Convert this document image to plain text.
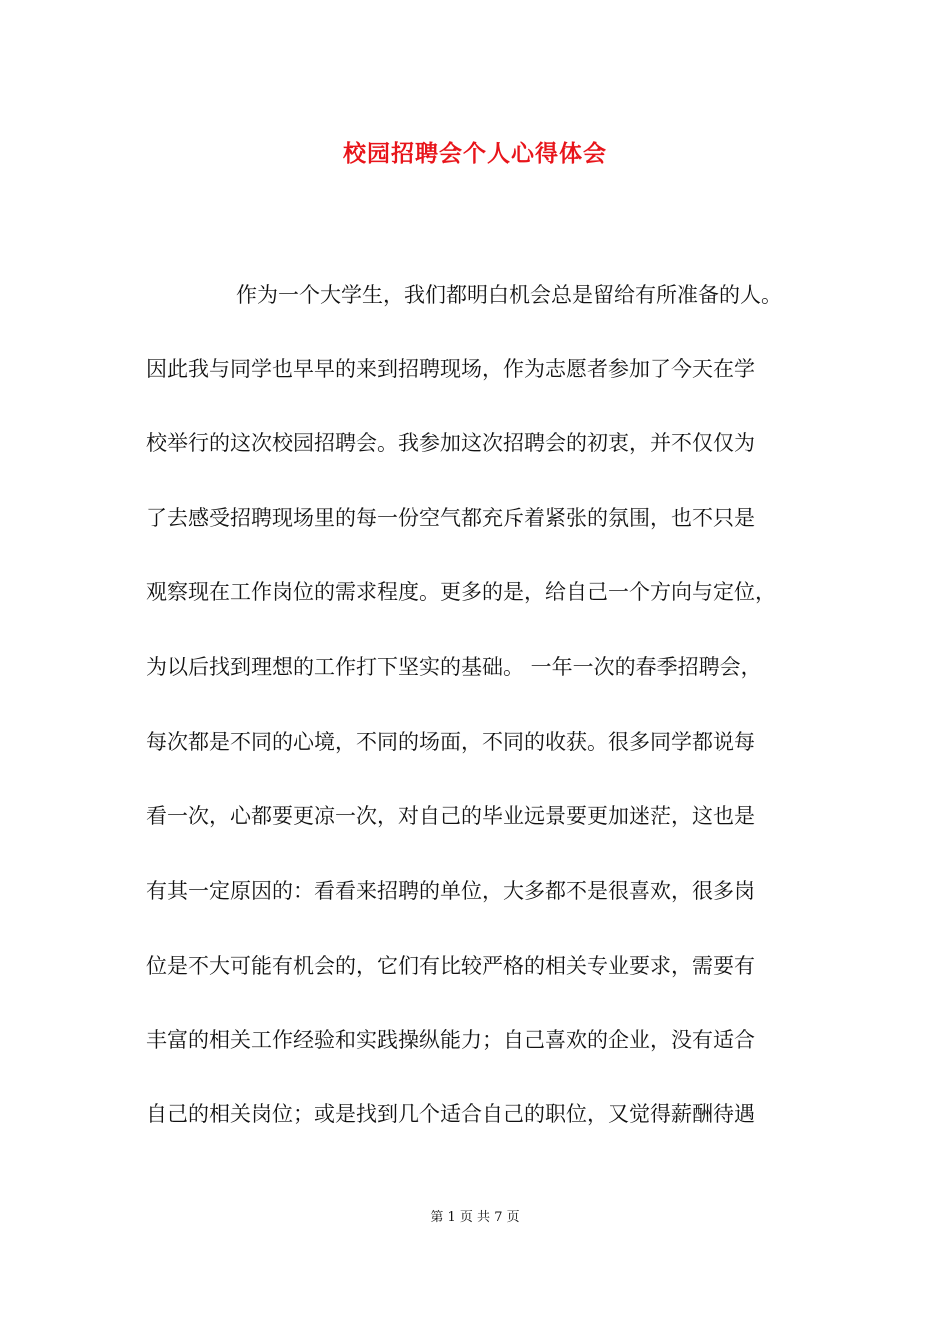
校园招聘会个人心得体会
作为一个大学生，我们都明白机会总是留给有所准备的人。
因此我与同学也早早的来到招聘现场，作为志愿者参加了今天在学
校举行的这次校园招聘会。我参加这次招聘会的初衷，并不仅仅为
了去感受招聘现场里的每一份空气都充斥着紧张的氛围，也不只是
观察现在工作岗位的需求程度。更多的是，给自己一个方向与定位，
为以后找到理想的工作打下坚实的基础。 一年一次的春季招聘会，
每次都是不同的心境，不同的场面，不同的收获。很多同学都说每
看一次，心都要更凉一次，对自己的毕业远景要更加迷茫，这也是
有其一定原因的：看看来招聘的单位，大多都不是很喜欢，很多岗
位是不大可能有机会的，它们有比较严格的相关专业要求，需要有
丰富的相关工作经验和实践操纵能力；自己喜欢的企业，没有适合
自己的相关岗位；或是找到几个适合自己的职位，又觉得薪酬待遇
第 1 页 共 7 页
